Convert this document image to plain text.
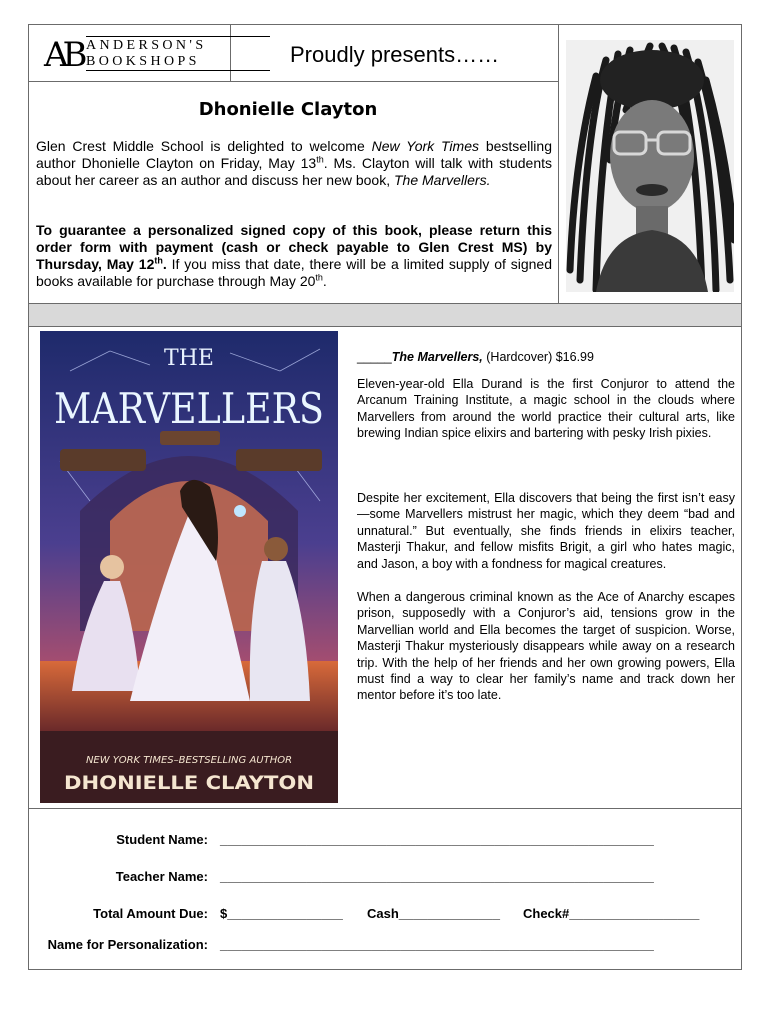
AB ANDERSON'S
BOOKSHOPS	Proudly presents……
Dhonielle Clayton
Glen Crest Middle School is delighted to welcome New York Times bestselling author Dhonielle Clayton on Friday, May 13th. Ms. Clayton will talk with students about her career as an author and discuss her new book, The Marvellers.
To guarantee a personalized signed copy of this book, please return this order form with payment (cash or check payable to Glen Crest MS) by Thursday, May 12th. If you miss that date, there will be a limited supply of signed books available for purchase through May 20th.
THE
MARVELLERS
NEW YORK TIMES–BESTSELLING AUTHOR
DHONIELLE CLAYTON
_____The Marvellers, (Hardcover) $16.99

Eleven-year-old Ella Durand is the first Conjuror to attend the Arcanum Training Institute, a magic school in the clouds where Marvellers from around the world practice their cultural arts, like brewing Indian spice elixirs and bartering with pesky Irish pixies.

Despite her excitement, Ella discovers that being the first isn’t easy—some Marvellers mistrust her magic, which they deem “bad and unnatural.” But eventually, she finds friends in elixirs teacher, Masterji Thakur, and fellow misfits Brigit, a girl who hates magic, and Jason, a boy with a fondness for magical creatures.

When a dangerous criminal known as the Ace of Anarchy escapes prison, supposedly with a Conjuror’s aid, tensions grow in the Marvellian world and Ella becomes the target of suspicion. Worse, Masterji Thakur mysteriously disappears while away on a research trip. With the help of her friends and her own growing powers, Ella must find a way to clear her family’s name and track down her mentor before it’s too late.

Student Name: ____________________________________________________________
Teacher Name: ____________________________________________________________
Total Amount Due: $________________ Cash______________ Check#__________________
Name for Personalization: ____________________________________________________________
